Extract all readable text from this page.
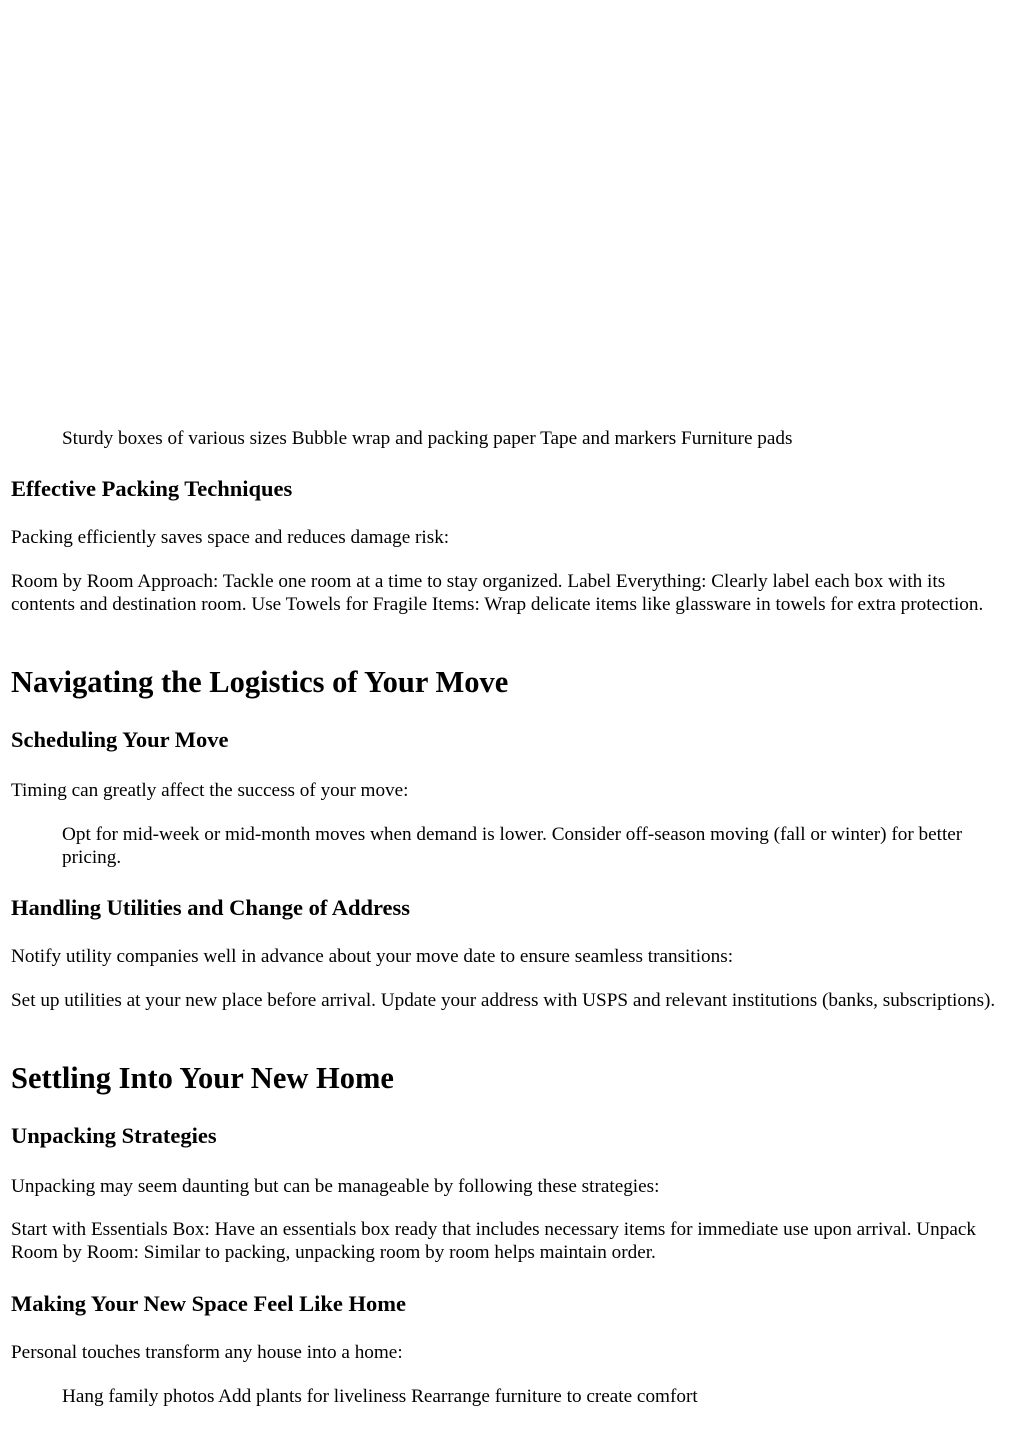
Sturdy boxes of various sizes Bubble wrap and packing paper Tape and markers Furniture pads

Effective Packing Techniques

Packing efficiently saves space and reduces damage risk:

Room by Room Approach: Tackle one room at a time to stay organized. Label Everything: Clearly label each box with its contents and destination room. Use Towels for Fragile Items: Wrap delicate items like glassware in towels for extra protection.

Navigating the Logistics of Your Move
Scheduling Your Move

Timing can greatly affect the success of your move:

Opt for mid-week or mid-month moves when demand is lower. Consider off-season moving (fall or winter) for better pricing.

Handling Utilities and Change of Address

Notify utility companies well in advance about your move date to ensure seamless transitions:

Set up utilities at your new place before arrival. Update your address with USPS and relevant institutions (banks, subscriptions).

Settling Into Your New Home
Unpacking Strategies

Unpacking may seem daunting but can be manageable by following these strategies:

Start with Essentials Box: Have an essentials box ready that includes necessary items for immediate use upon arrival. Unpack Room by Room: Similar to packing, unpacking room by room helps maintain order.

Making Your New Space Feel Like Home

Personal touches transform any house into a home:

Hang family photos Add plants for liveliness Rearrange furniture to create comfort
